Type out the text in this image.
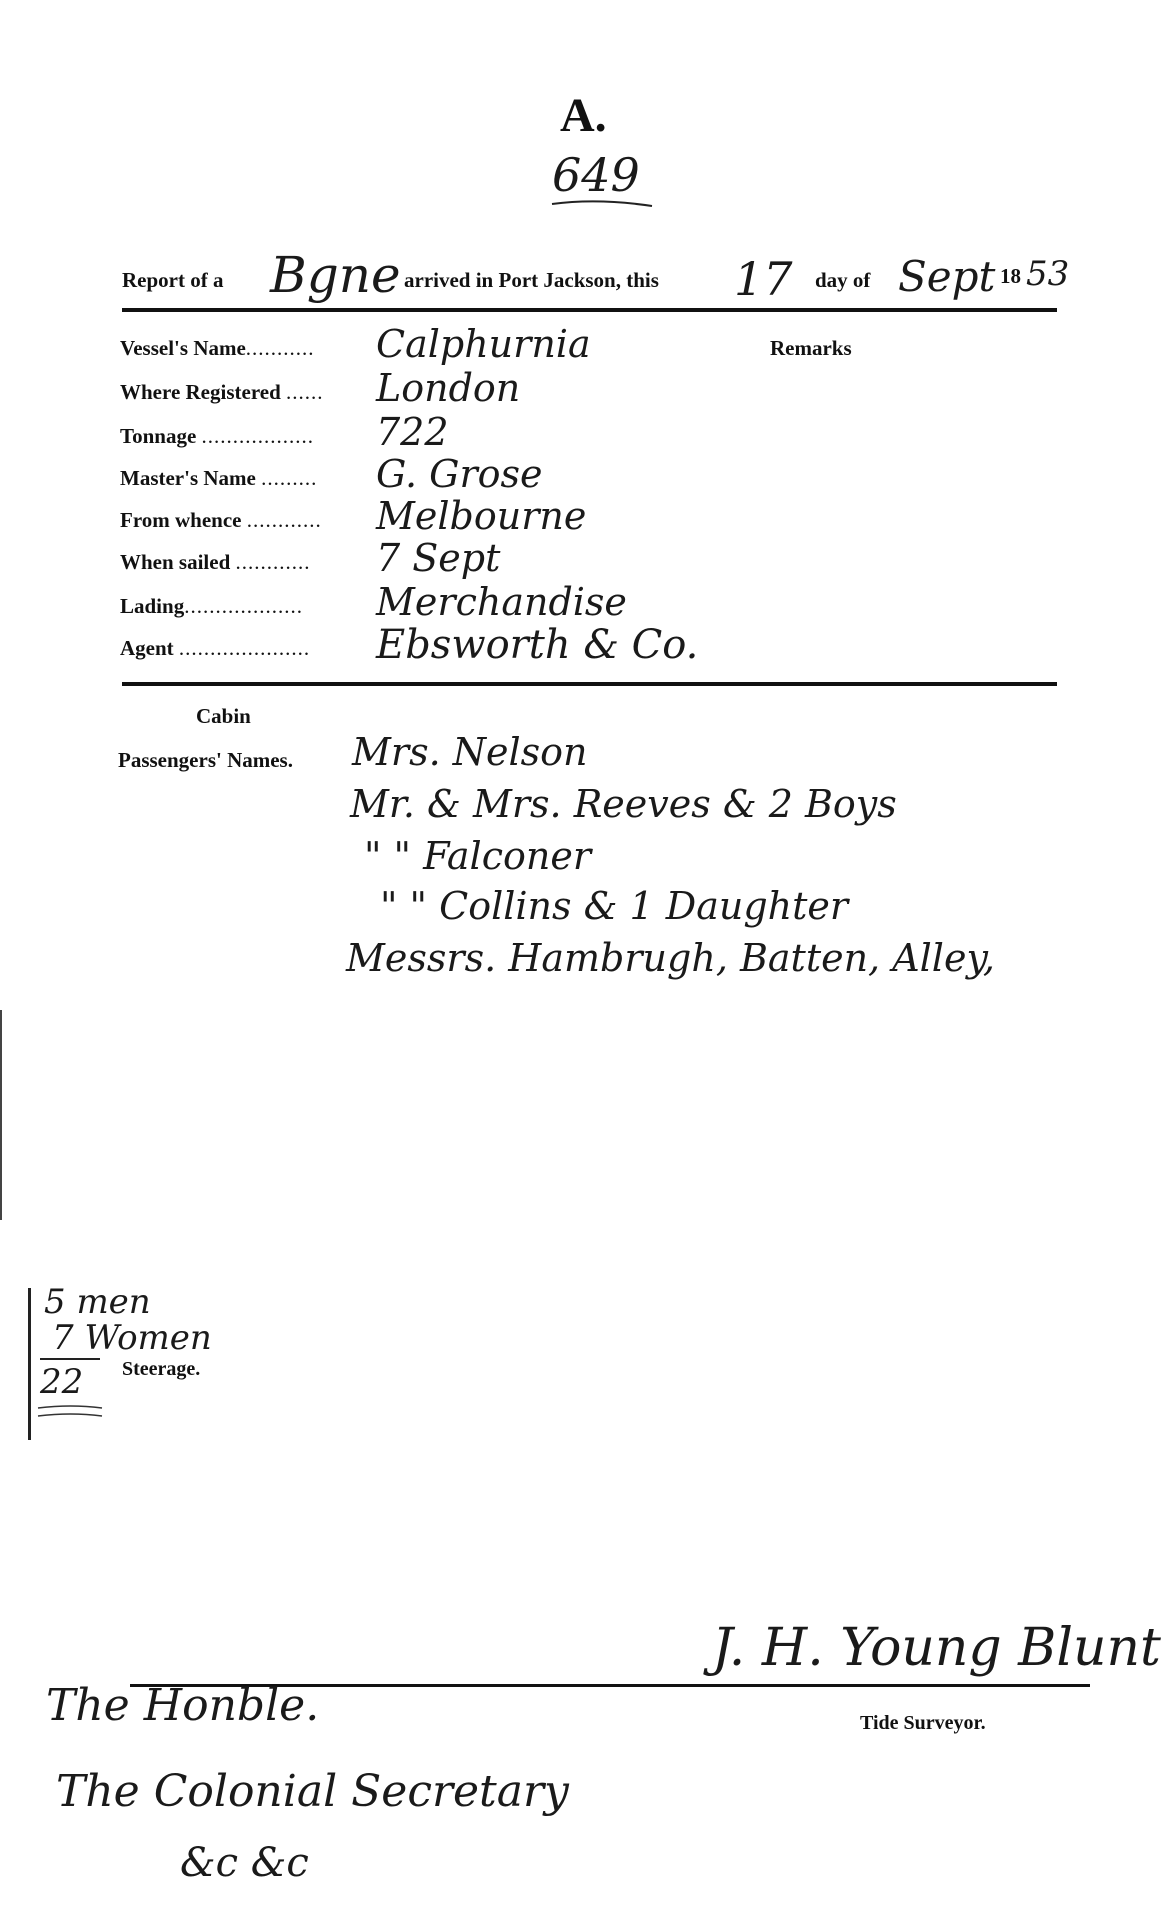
A.
649
Report of a Bgne arrived in Port Jackson, this 17 day of Sept 18 53
Remarks
Vessel's Name...........	Calphurnia
Where Registered ......	London
Tonnage ..................	722
Master's Name .........	G. Grose
From whence ............	Melbourne
When sailed ............	7 Sept
Lading...................	Merchandise
Agent .....................	Ebsworth & Co.
Cabin
Passengers' Names. Mrs. Nelson
Mr. & Mrs. Reeves & 2 Boys
" " Falconer
" " Collins & 1 Daughter
Messrs. Hambrugh, Batten, Alley,
5 men
7 Women
22 Steerage.
J. H. Young Blunt
Tide Surveyor.
The Honble.
The Colonial Secretary
&c &c
